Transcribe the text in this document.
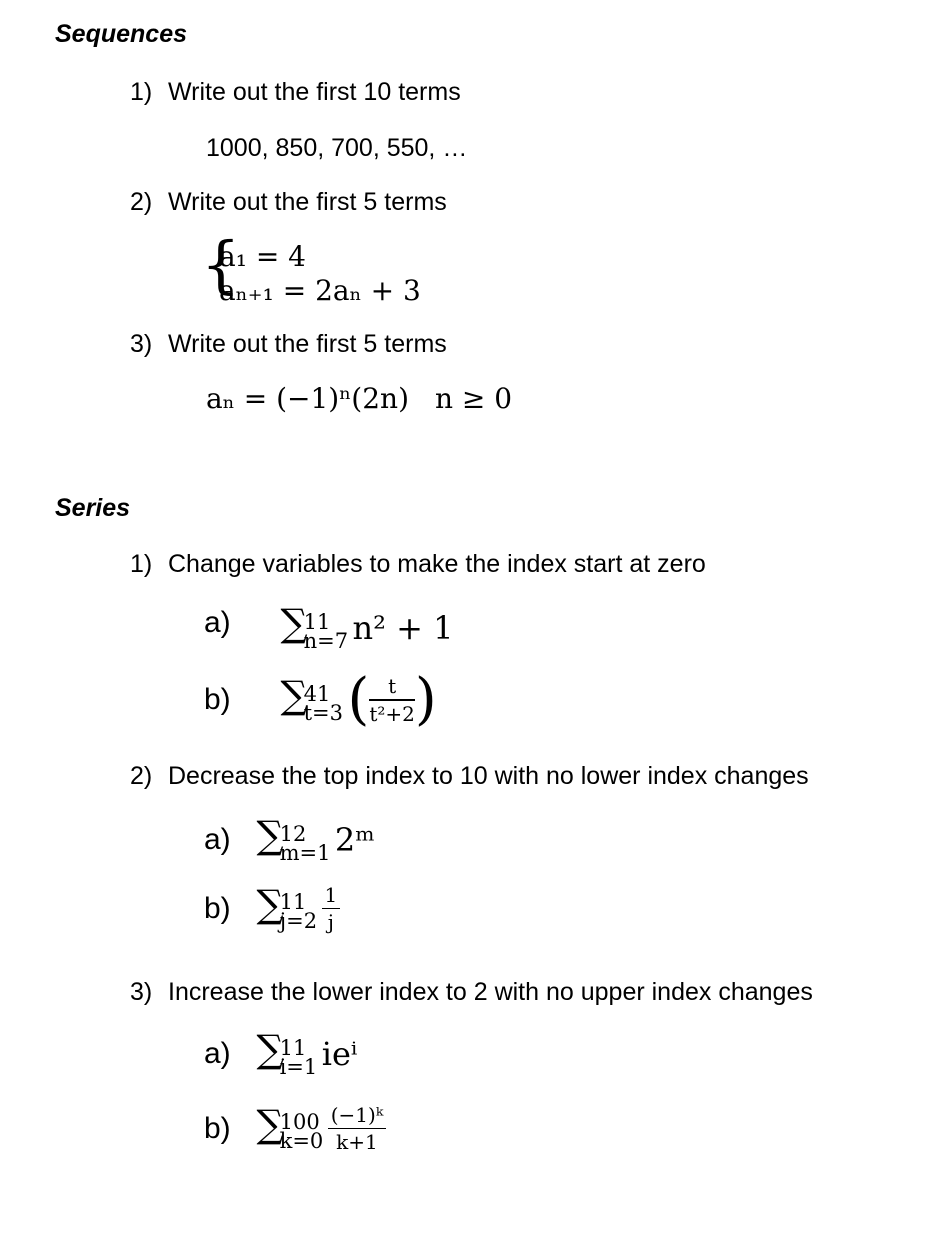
Sequences
1) Write out the first 10 terms
1000, 850, 700, 550, …
2) Write out the first 5 terms
{
a₁ = 4
aₙ₊₁ = 2aₙ + 3
3) Write out the first 5 terms
aₙ = (−1)ⁿ(2n) n ≥ 0
Series
1) Change variables to make the index start at zero
a) ∑
11
n=7 n² + 1
b) ∑
41
t=3 ( $\frac{t}{\text{t²+2}}$ )
2) Decrease the top index to 10 with no lower index changes
a) ∑
12
m=1 2ᵐ
b) ∑
11
j=2
$\frac{1}{j}$
3) Increase the lower index to 2 with no upper index changes
a) ∑
11
i=1 ieⁱ
b) ∑
100
k=0
$\frac{\text{(−1)ᵏ}}{k+1}$
